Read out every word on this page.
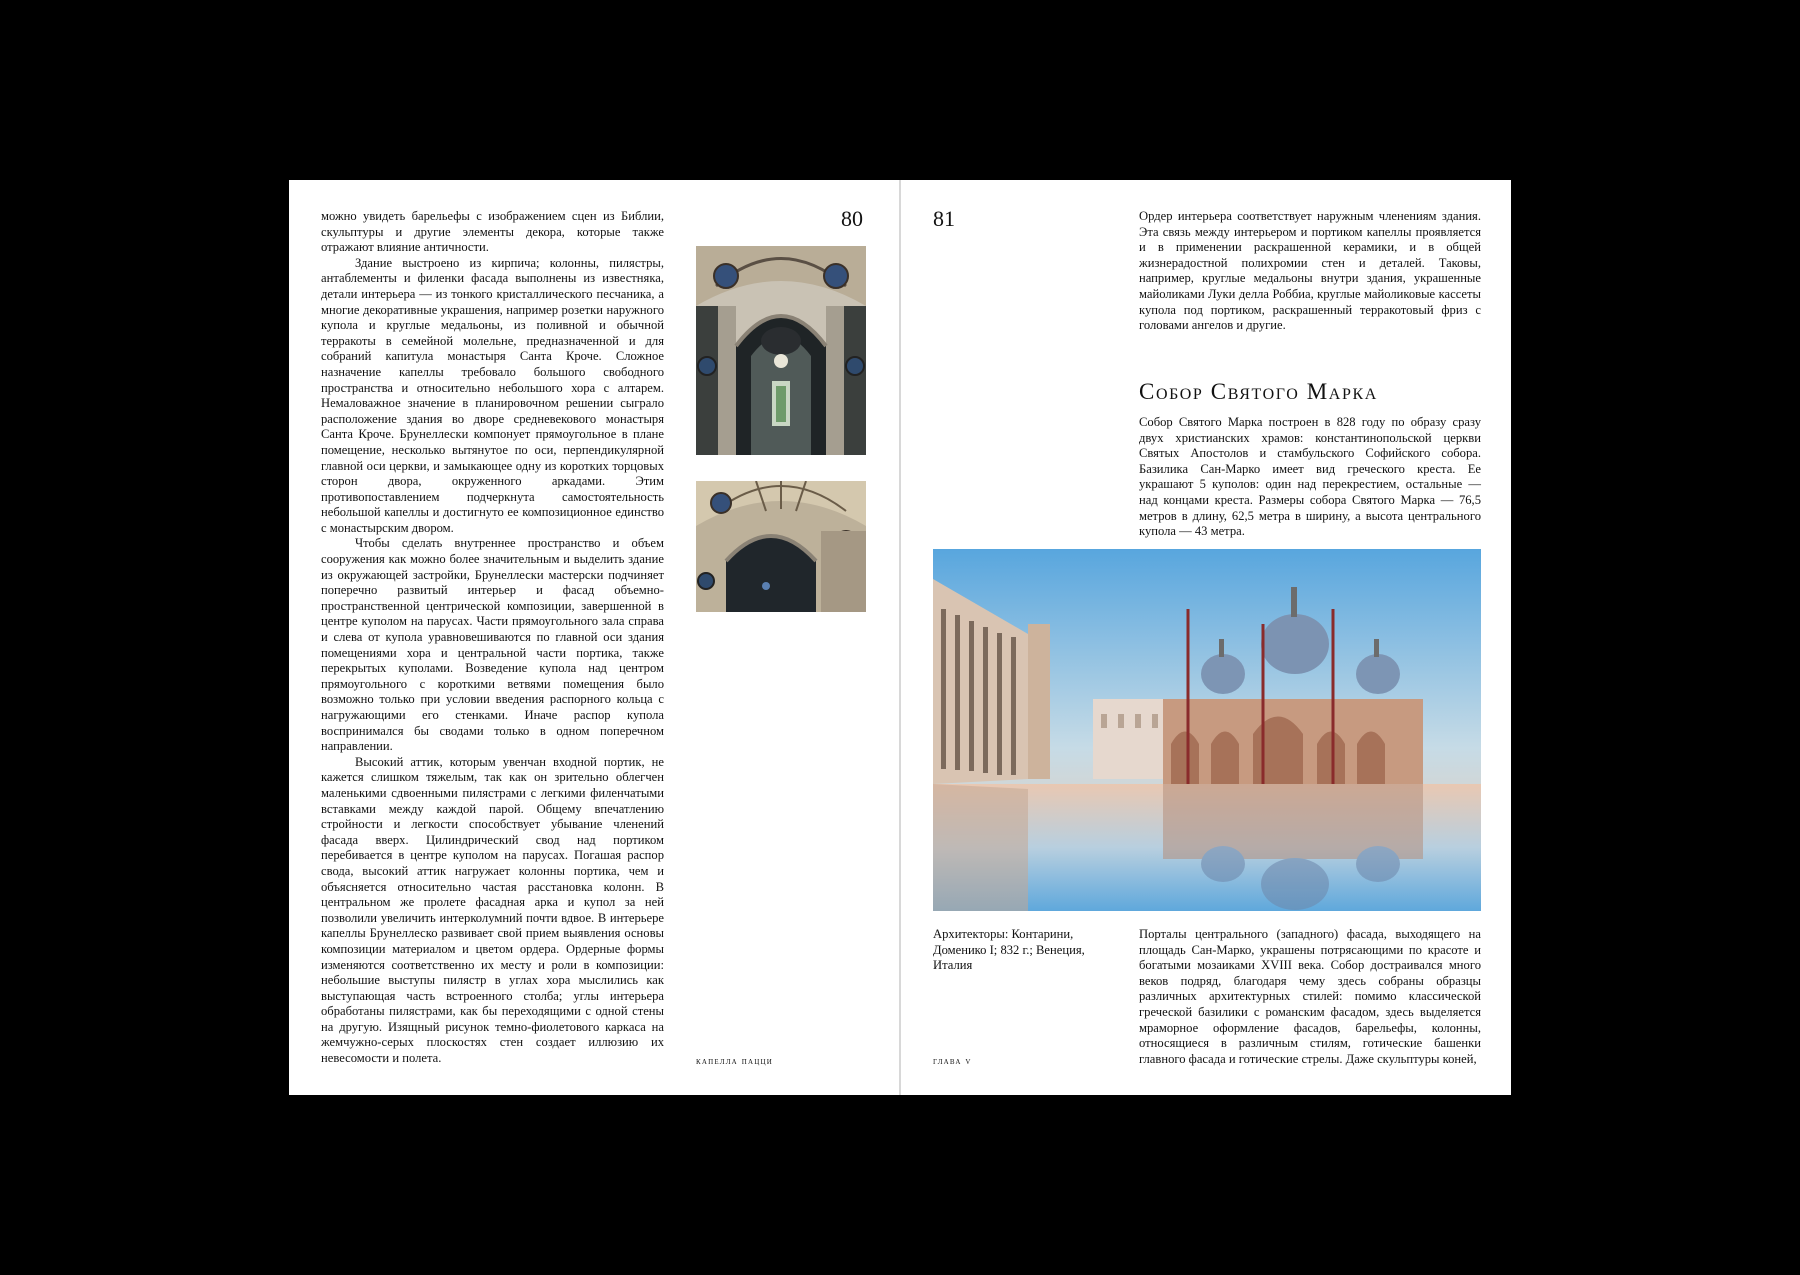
можно увидеть барельефы с изображением сцен из Библии, скульптуры и другие элементы декора, которые также отражают влияние античности.

Здание выстроено из кирпича; колонны, пилястры, антаблементы и филенки фасада выполнены из известняка, детали интерьера — из тонкого кристаллического песчаника, а многие декоративные украшения, например розетки наружного купола и круглые медальоны, из поливной и обычной терракоты в семейной молельне, предназначенной и для собраний капитула монастыря Санта Кроче. Сложное назначение капеллы требовало большого свободного пространства и относительно небольшого хора с алтарем. Немаловажное значение в планировочном решении сыграло расположение здания во дворе средневекового монастыря Санта Кроче. Брунеллески компонует прямоугольное в плане помещение, несколько вытянутое по оси, перпендикулярной главной оси церкви, и замыкающее одну из коротких торцовых сторон двора, окруженного аркадами. Этим противопоставлением подчеркнута самостоятельность небольшой капеллы и достигнуто ее композиционное единство с монастырским двором.

Чтобы сделать внутреннее пространство и объем сооружения как можно более значительным и выделить здание из окружающей застройки, Брунеллески мастерски подчиняет поперечно развитый интерьер и фасад объемно-пространственной центрической композиции, завершенной в центре куполом на парусах. Части прямоугольного зала справа и слева от купола уравновешиваются по главной оси здания помещениями хора и центральной части портика, также перекрытых куполами. Возведение купола над центром прямоугольного с короткими ветвями помещения было возможно только при условии введения распорного кольца с нагружающими его стенками. Иначе распор купола воспринимался бы сводами только в одном поперечном направлении.

Высокий аттик, которым увенчан входной портик, не кажется слишком тяжелым, так как он зрительно облегчен маленькими сдвоенными пилястрами с легкими филенчатыми вставками между каждой парой. Общему впечатлению стройности и легкости способствует убывание членений фасада вверх. Цилиндрический свод над портиком перебивается в центре куполом на парусах. Погашая распор свода, высокий аттик нагружает колонны портика, чем и объясняется относительно частая расстановка колонн. В центральном же пролете фасадная арка и купол за ней позволили увеличить интерколумний почти вдвое. В интерьере капеллы Брунеллеско развивает свой прием выявления основы композиции материалом и цветом ордера. Ордерные формы изменяются соответственно их месту и роли в композиции: небольшие выступы пилястр в углах хора мыслились как выступающая часть встроенного столба; углы интерьера обработаны пилястрами, как бы переходящими с одной стены на другую. Изящный рисунок темно-фиолетового каркаса на жемчужно-серых плоскостях стен создает иллюзию их невесомости и полета.

80
капелла пацци
81	Ордер интерьера соответствует наружным членениям здания. Эта связь между интерьером и портиком капеллы проявляется и в применении раскрашенной керамики, и в общей жизнерадостной полихромии стен и деталей. Таковы, например, круглые медальоны внутри здания, украшенные майоликами Луки делла Роббиа, круглые майоликовые кассеты купола под портиком, раскрашенный терракотовый фриз с головами ангелов и другие.

Собор Святого Марка

Собор Святого Марка построен в 828 году по образу сразу двух христианских храмов: константинопольской церкви Святых Апостолов и стамбульского Софийского собора. Базилика Сан-Марко имеет вид греческого креста. Ее украшают 5 куполов: один над перекрестием, остальные — над концами креста. Размеры собора Святого Марка — 76,5 метров в длину, 62,5 метра в ширину, а высота центрального купола — 43 метра.

Архитекторы: Контарини, Доменико I; 832 г.; Венеция, Италия

Порталы центрального (западного) фасада, выходящего на площадь Сан-Марко, украшены потрясающими по красоте и богатыми мозаиками XVIII века. Собор достраивался много веков подряд, благодаря чему здесь собраны образцы различных архитектурных стилей: помимо классической греческой базилики с романским фасадом, здесь выделяется мраморное оформление фасадов, барельефы, колонны, относящиеся в различным стилям, готические башенки главного фасада и готические стрелы. Даже скульптуры коней,

глава v
